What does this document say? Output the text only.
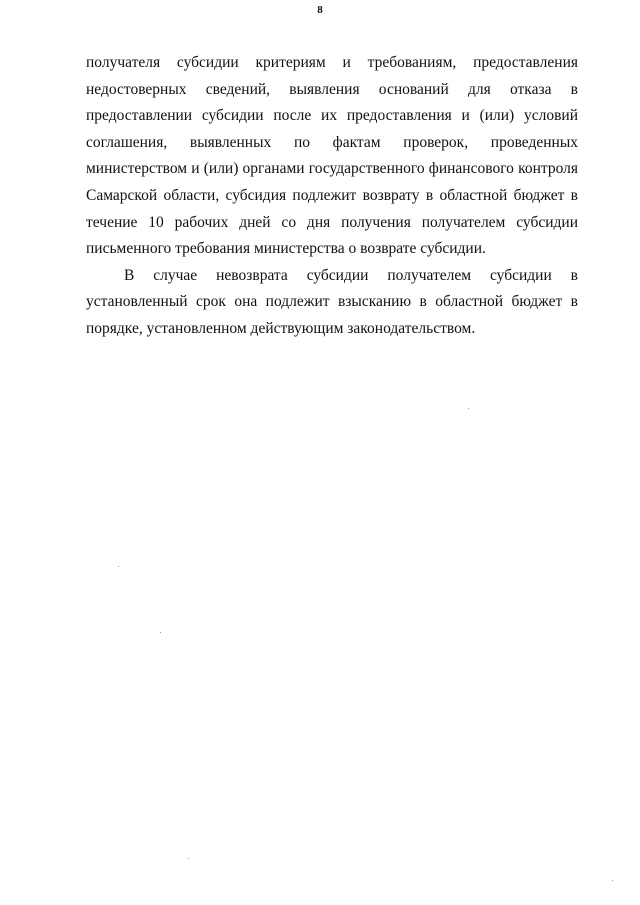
8

получателя субсидии критериям и требованиям, предоставления
недостоверных сведений, выявления оснований для отказа в
предоставлении субсидии после их предоставления и (или) условий
соглашения, выявленных по фактам проверок, проведенных
министерством и (или) органами государственного финансового контроля
Самарской области, субсидия подлежит возврату в областной бюджет в
течение 10 рабочих дней со дня получения получателем субсидии
письменного требования министерства о возврате субсидии.

В случае невозврата субсидии получателем субсидии в
установленный срок она подлежит взысканию в областной бюджет в
порядке, установленном действующим законодательством.
